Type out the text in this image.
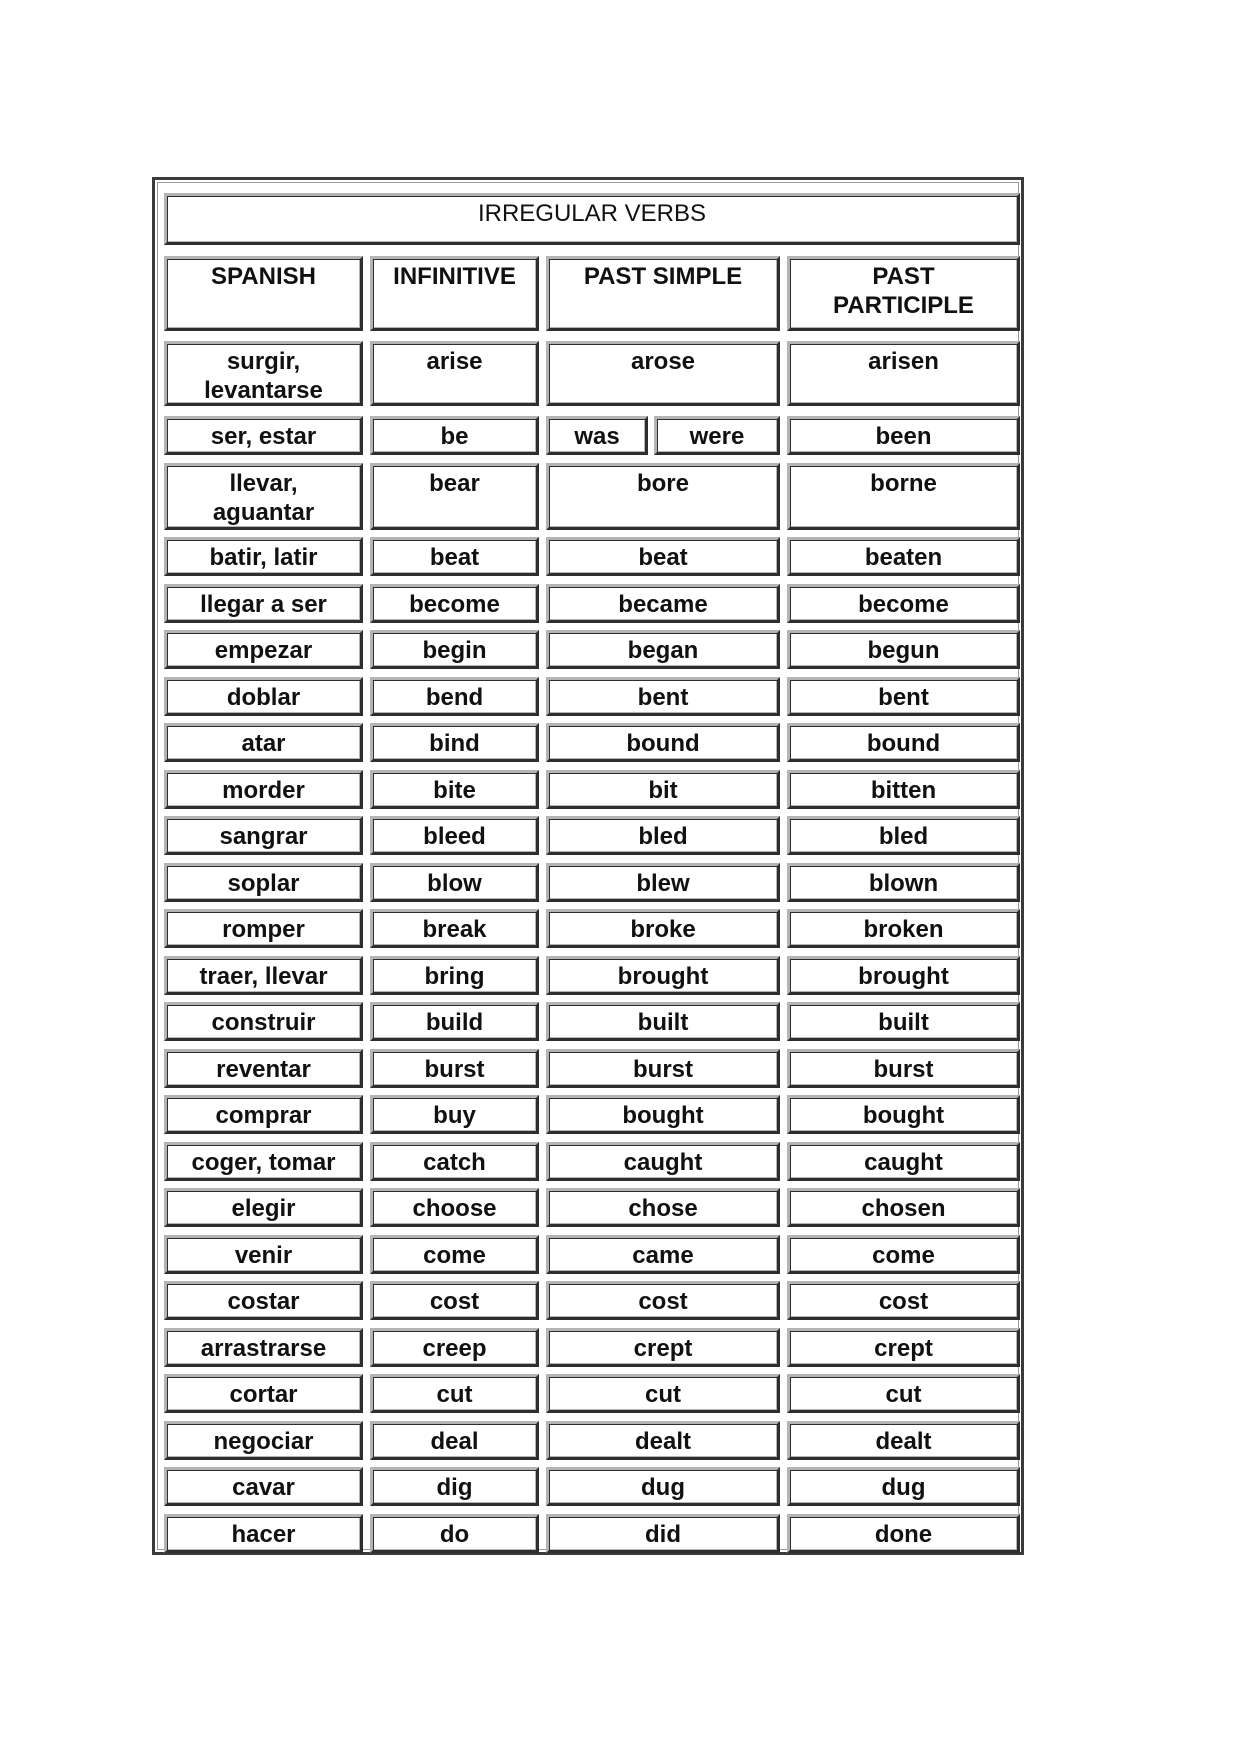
IRREGULAR VERBS
SPANISH	INFINITIVE	PAST SIMPLE	PAST
PARTICIPLE
surgir,
levantarse
arise	arose	arisen
ser, estar	be	was	were	been
llevar,
aguantar
bear	bore	borne
batir, latir	beat	beat	beaten
llegar a ser	become	became	become
empezar	begin	began	begun
doblar	bend	bent	bent
atar	bind	bound	bound
morder	bite	bit	bitten
sangrar	bleed	bled	bled
soplar	blow	blew	blown
romper	break	broke	broken
traer, llevar	bring	brought	brought
construir	build	built	built
reventar	burst	burst	burst
comprar	buy	bought	bought
coger, tomar	catch	caught	caught
elegir	choose	chose	chosen
venir	come	came	come
costar	cost	cost	cost
arrastrarse	creep	crept	crept
cortar	cut	cut	cut
negociar	deal	dealt	dealt
cavar	dig	dug	dug
hacer	do	did	done
